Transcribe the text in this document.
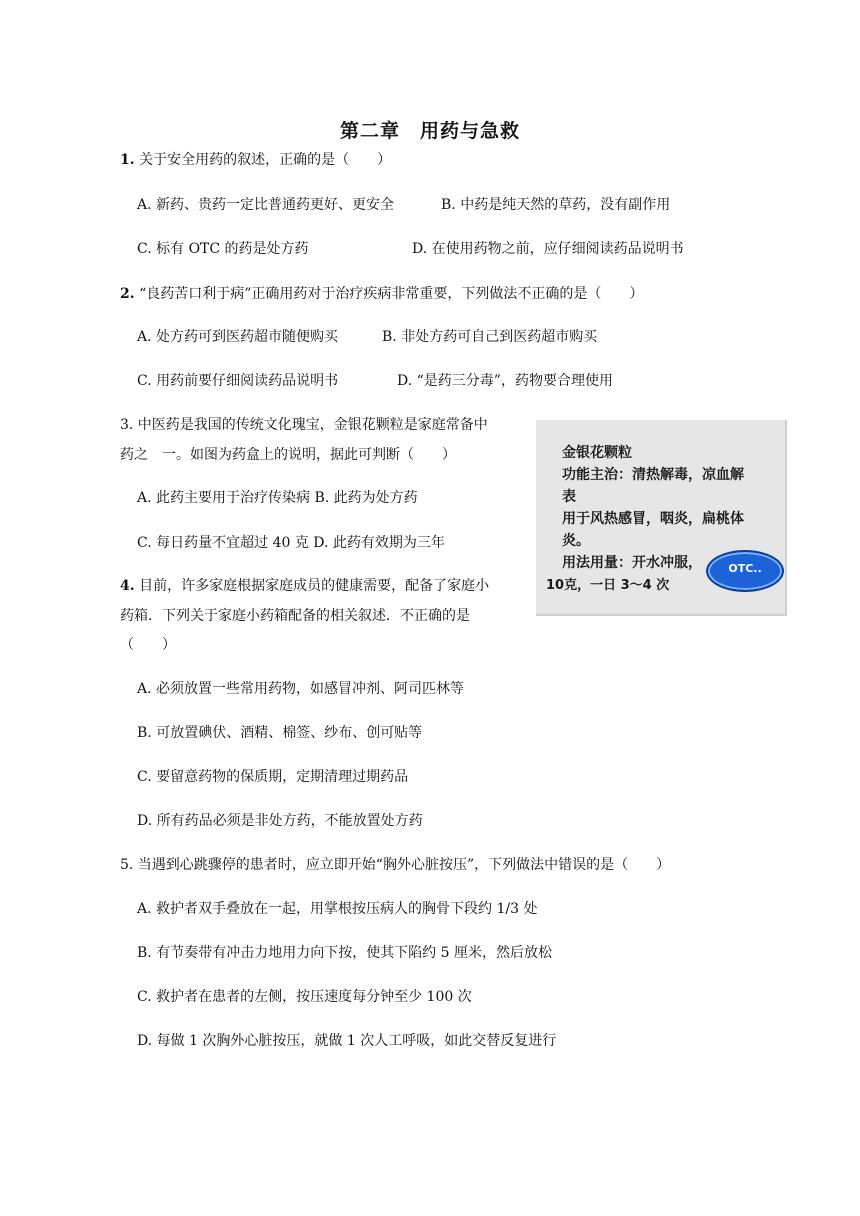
第二章　用药与急救
1. 关于安全用药的叙述，正确的是（　　）
A. 新药、贵药一定比普通药更好、更安全	B. 中药是纯天然的草药，没有副作用
C. 标有 OTC 的药是处方药	D. 在使用药物之前，应仔细阅读药品说明书
2. “良药苦口利于病”正确用药对于治疗疾病非常重要，下列做法不正确的是（　　）
A. 处方药可到医药超市随便购买	B. 非处方药可自己到医药超市购买
C. 用药前要仔细阅读药品说明书	D. “是药三分毒”，药物要合理使用
3. 中医药是我国的传统文化瑰宝，金银花颗粒是家庭常备中
药之　一。如图为药盒上的说明，据此可判断（　　）
A. 此药主要用于治疗传染病 B. 此药为处方药
C. 每日药量不宜超过 40 克 D. 此药有效期为三年
金银花颗粒
功能主治：清热解毒，凉血解
表
用于风热感冒，咽炎，扁桃体
炎。
用法用量：开水冲服，
10克，一日 3～4 次
OTC..
4. 目前，许多家庭根据家庭成员的健康需要，配备了家庭小
药箱．下列关于家庭小药箱配备的相关叙述．不正确的是
（　　）
A. 必须放置一些常用药物，如感冒冲剂、阿司匹林等
B. 可放置碘伏、酒精、棉签、纱布、创可贴等
C. 要留意药物的保质期，定期清理过期药品
D. 所有药品必须是非处方药，不能放置处方药
5. 当遇到心跳骤停的患者时，应立即开始“胸外心脏按压”，下列做法中错误的是（　　）
A. 救护者双手叠放在一起，用掌根按压病人的胸骨下段约 1/3 处
B. 有节奏带有冲击力地用力向下按，使其下陷约 5 厘米，然后放松
C. 救护者在患者的左侧，按压速度每分钟至少 100 次
D. 每做 1 次胸外心脏按压，就做 1 次人工呼吸，如此交替反复进行
